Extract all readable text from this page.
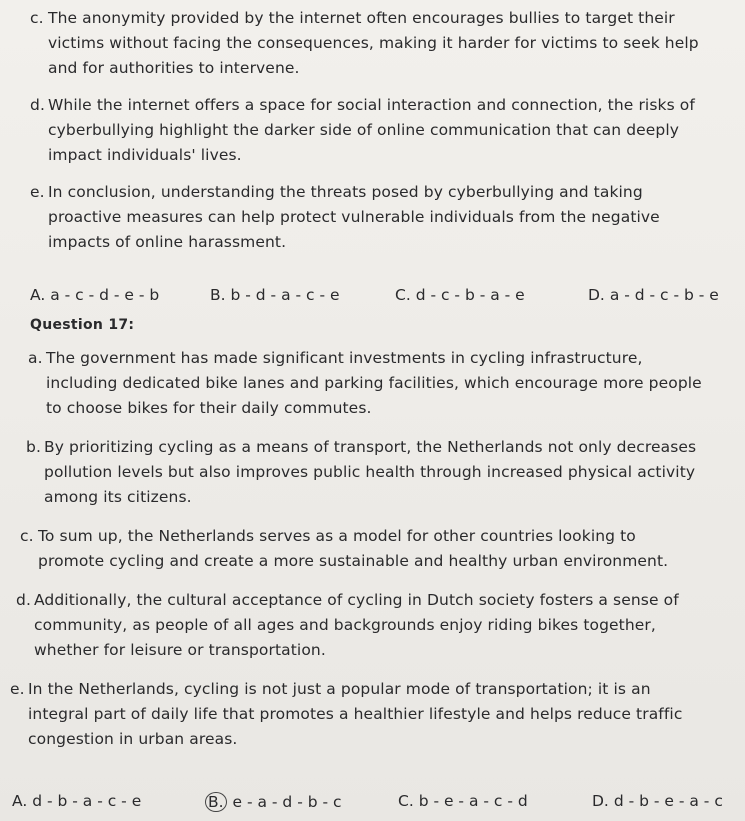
c. The anonymity provided by the internet often encourages bullies to target their victims without facing the consequences, making it harder for victims to seek help and for authorities to intervene.
d. While the internet offers a space for social interaction and connection, the risks of cyberbullying highlight the darker side of online communication that can deeply impact individuals' lives.
e. In conclusion, understanding the threats posed by cyberbullying and taking proactive measures can help protect vulnerable individuals from the negative impacts of online harassment.
A. a - c - d - e - b	B. b - d - a - c - e	C. d - c - b - a - e	D. a - d - c - b - e
Question 17:
a. The government has made significant investments in cycling infrastructure, including dedicated bike lanes and parking facilities, which encourage more people to choose bikes for their daily commutes.
b. By prioritizing cycling as a means of transport, the Netherlands not only decreases pollution levels but also improves public health through increased physical activity among its citizens.
c. To sum up, the Netherlands serves as a model for other countries looking to promote cycling and create a more sustainable and healthy urban environment.
d. Additionally, the cultural acceptance of cycling in Dutch society fosters a sense of community, as people of all ages and backgrounds enjoy riding bikes together, whether for leisure or transportation.
e. In the Netherlands, cycling is not just a popular mode of transportation; it is an integral part of daily life that promotes a healthier lifestyle and helps reduce traffic congestion in urban areas.
A. d - b - a - c - e	B. e - a - d - b - c	C. b - e - a - c - d	D. d - b - e - a - c
